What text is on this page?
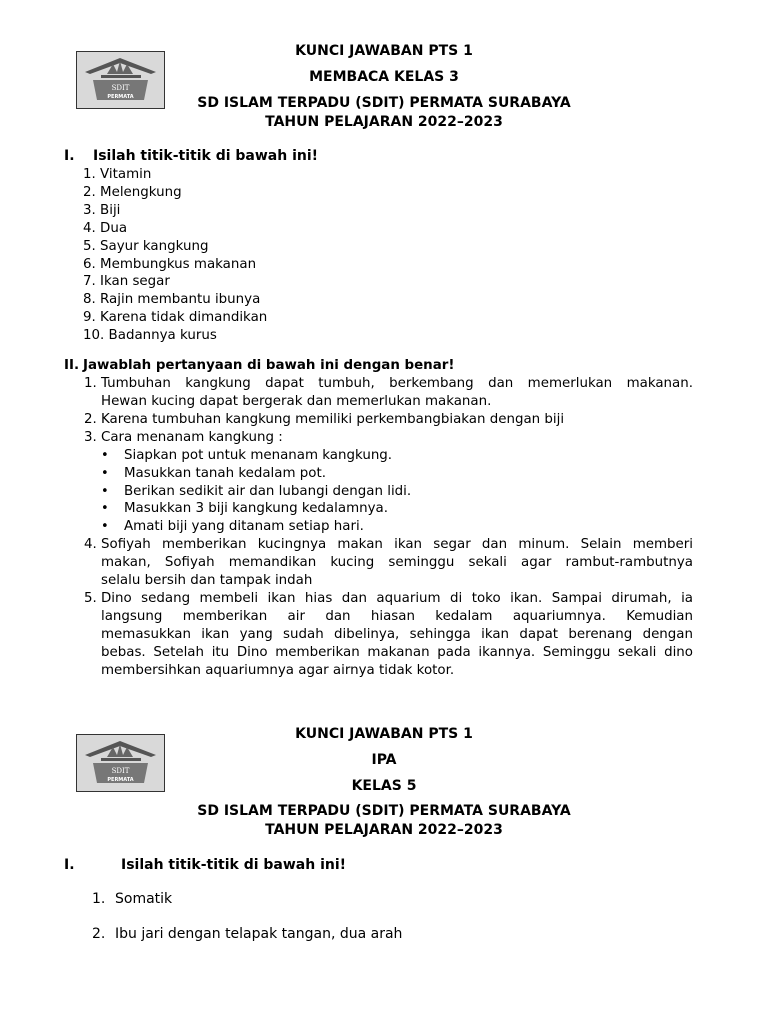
SDIT
PERMATA
KUNCI JAWABAN PTS 1
MEMBACA KELAS 3
SD ISLAM TERPADU (SDIT) PERMATA SURABAYA
TAHUN PELAJARAN 2022–2023
I. Isilah titik-titik di bawah ini!
1. Vitamin
2. Melengkung
3. Biji
4. Dua
5. Sayur kangkung
6. Membungkus makanan
7. Ikan segar
8. Rajin membantu ibunya
9. Karena tidak dimandikan
10. Badannya kurus
II. Jawablah pertanyaan di bawah ini dengan benar!
1. Tumbuhan kangkung dapat tumbuh, berkembang dan memerlukan makanan.
Hewan kucing dapat bergerak dan memerlukan makanan.
2. Karena tumbuhan kangkung memiliki perkembangbiakan dengan biji
3. Cara menanam kangkung :
• Siapkan pot untuk menanam kangkung.
• Masukkan tanah kedalam pot.
• Berikan sedikit air dan lubangi dengan lidi.
• Masukkan 3 biji kangkung kedalamnya.
• Amati biji yang ditanam setiap hari.
4. Sofiyah memberikan kucingnya makan ikan segar dan minum. Selain memberi
makan, Sofiyah memandikan kucing seminggu sekali agar rambut-rambutnya
selalu bersih dan tampak indah
5. Dino sedang membeli ikan hias dan aquarium di toko ikan. Sampai dirumah, ia
langsung memberikan air dan hiasan kedalam aquariumnya. Kemudian
memasukkan ikan yang sudah dibelinya, sehingga ikan dapat berenang dengan
bebas. Setelah itu Dino memberikan makanan pada ikannya. Seminggu sekali dino
membersihkan aquariumnya agar airnya tidak kotor.
SDIT
PERMATA
KUNCI JAWABAN PTS 1
IPA
KELAS 5
SD ISLAM TERPADU (SDIT) PERMATA SURABAYA
TAHUN PELAJARAN 2022–2023
I.	Isilah titik-titik di bawah ini!
1. Somatik
2. Ibu jari dengan telapak tangan, dua arah
